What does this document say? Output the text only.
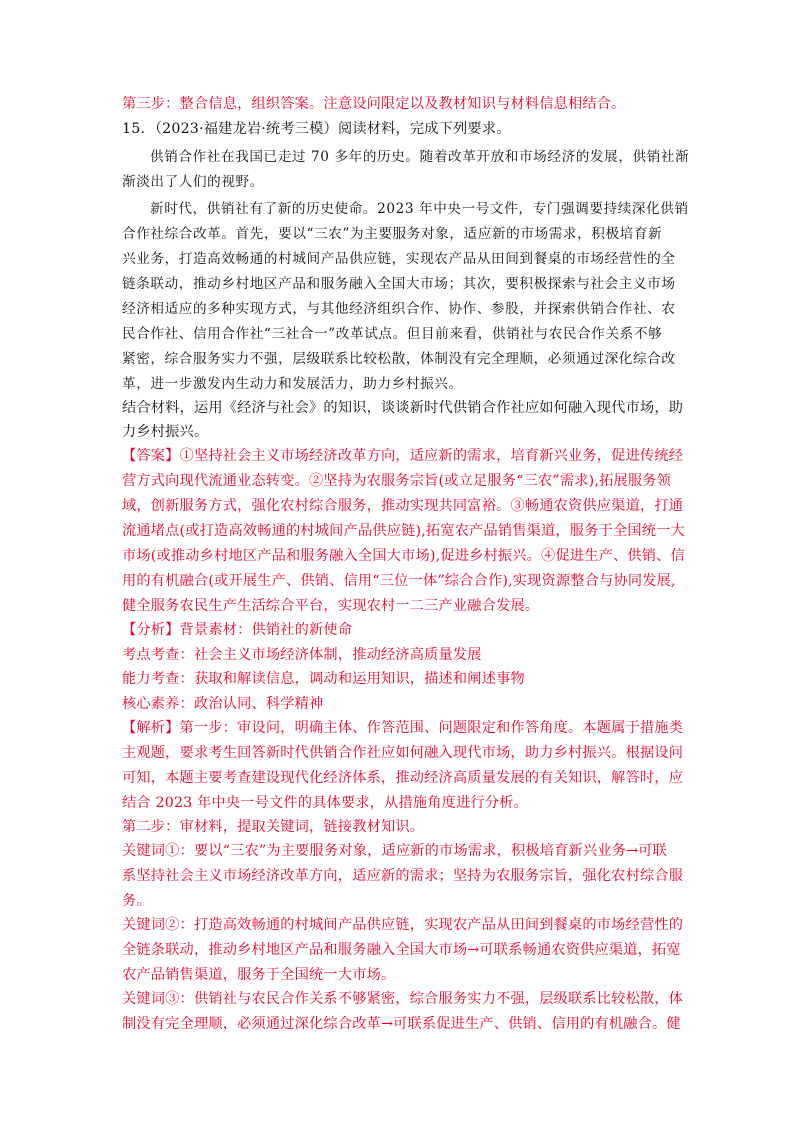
第三步：整合信息，组织答案。注意设问限定以及教材知识与材料信息相结合。
15．（2023·福建龙岩·统考三模）阅读材料，完成下列要求。
供销合作社在我国已走过 70 多年的历史。随着改革开放和市场经济的发展，供销社渐
渐淡出了人们的视野。
新时代，供销社有了新的历史使命。2023 年中央一号文件，专门强调要持续深化供销
合作社综合改革。首先，要以“三农”为主要服务对象，适应新的市场需求，积极培育新
兴业务，打造高效畅通的村城间产品供应链，实现农产品从田间到餐桌的市场经营性的全
链条联动，推动乡村地区产品和服务融入全国大市场；其次，要积极探索与社会主义市场
经济相适应的多种实现方式，与其他经济组织合作、协作、参股，并探索供销合作社、农
民合作社、信用合作社“三社合一”改革试点。但目前来看，供销社与农民合作关系不够
紧密，综合服务实力不强，层级联系比较松散，体制没有完全理顺，必须通过深化综合改
革，进一步激发内生动力和发展活力，助力乡村振兴。
结合材料，运用《经济与社会》的知识，谈谈新时代供销合作社应如何融入现代市场，助
力乡村振兴。
【答案】①坚持社会主义市场经济改革方向，适应新的需求，培育新兴业务，促进传统经
营方式向现代流通业态转变。②坚持为农服务宗旨(或立足服务“三农”需求),拓展服务领
域，创新服务方式，强化农村综合服务，推动实现共同富裕。③畅通农资供应渠道，打通
流通堵点(或打造高效畅通的村城间产品供应链),拓宽农产品销售渠道，服务于全国统一大
市场(或推动乡村地区产品和服务融入全国大市场),促进乡村振兴。④促进生产、供销、信
用的有机融合(或开展生产、供销、信用“三位一体”综合合作),实现资源整合与协同发展,
健全服务农民生产生活综合平台，实现农村一二三产业融合发展。
【分析】背景素材：供销社的新使命
考点考查：社会主义市场经济体制，推动经济高质量发展
能力考查：获取和解读信息，调动和运用知识，描述和阐述事物
核心素养：政治认同、科学精神
【解析】第一步：审设问，明确主体、作答范围、问题限定和作答角度。本题属于措施类
主观题，要求考生回答新时代供销合作社应如何融入现代市场，助力乡村振兴。根据设问
可知，本题主要考查建设现代化经济体系，推动经济高质量发展的有关知识，解答时，应
结合 2023 年中央一号文件的具体要求，从措施角度进行分析。
第二步：审材料，提取关键词，链接教材知识。
关键词①：要以“三农”为主要服务对象，适应新的市场需求，积极培育新兴业务→可联
系坚持社会主义市场经济改革方向，适应新的需求；坚持为农服务宗旨，强化农村综合服
务。
关键词②：打造高效畅通的村城间产品供应链，实现农产品从田间到餐桌的市场经营性的
全链条联动，推动乡村地区产品和服务融入全国大市场→可联系畅通农资供应渠道，拓宽
农产品销售渠道，服务于全国统一大市场。
关键词③：供销社与农民合作关系不够紧密，综合服务实力不强，层级联系比较松散，体
制没有完全理顺，必须通过深化综合改革→可联系促进生产、供销、信用的有机融合。健
